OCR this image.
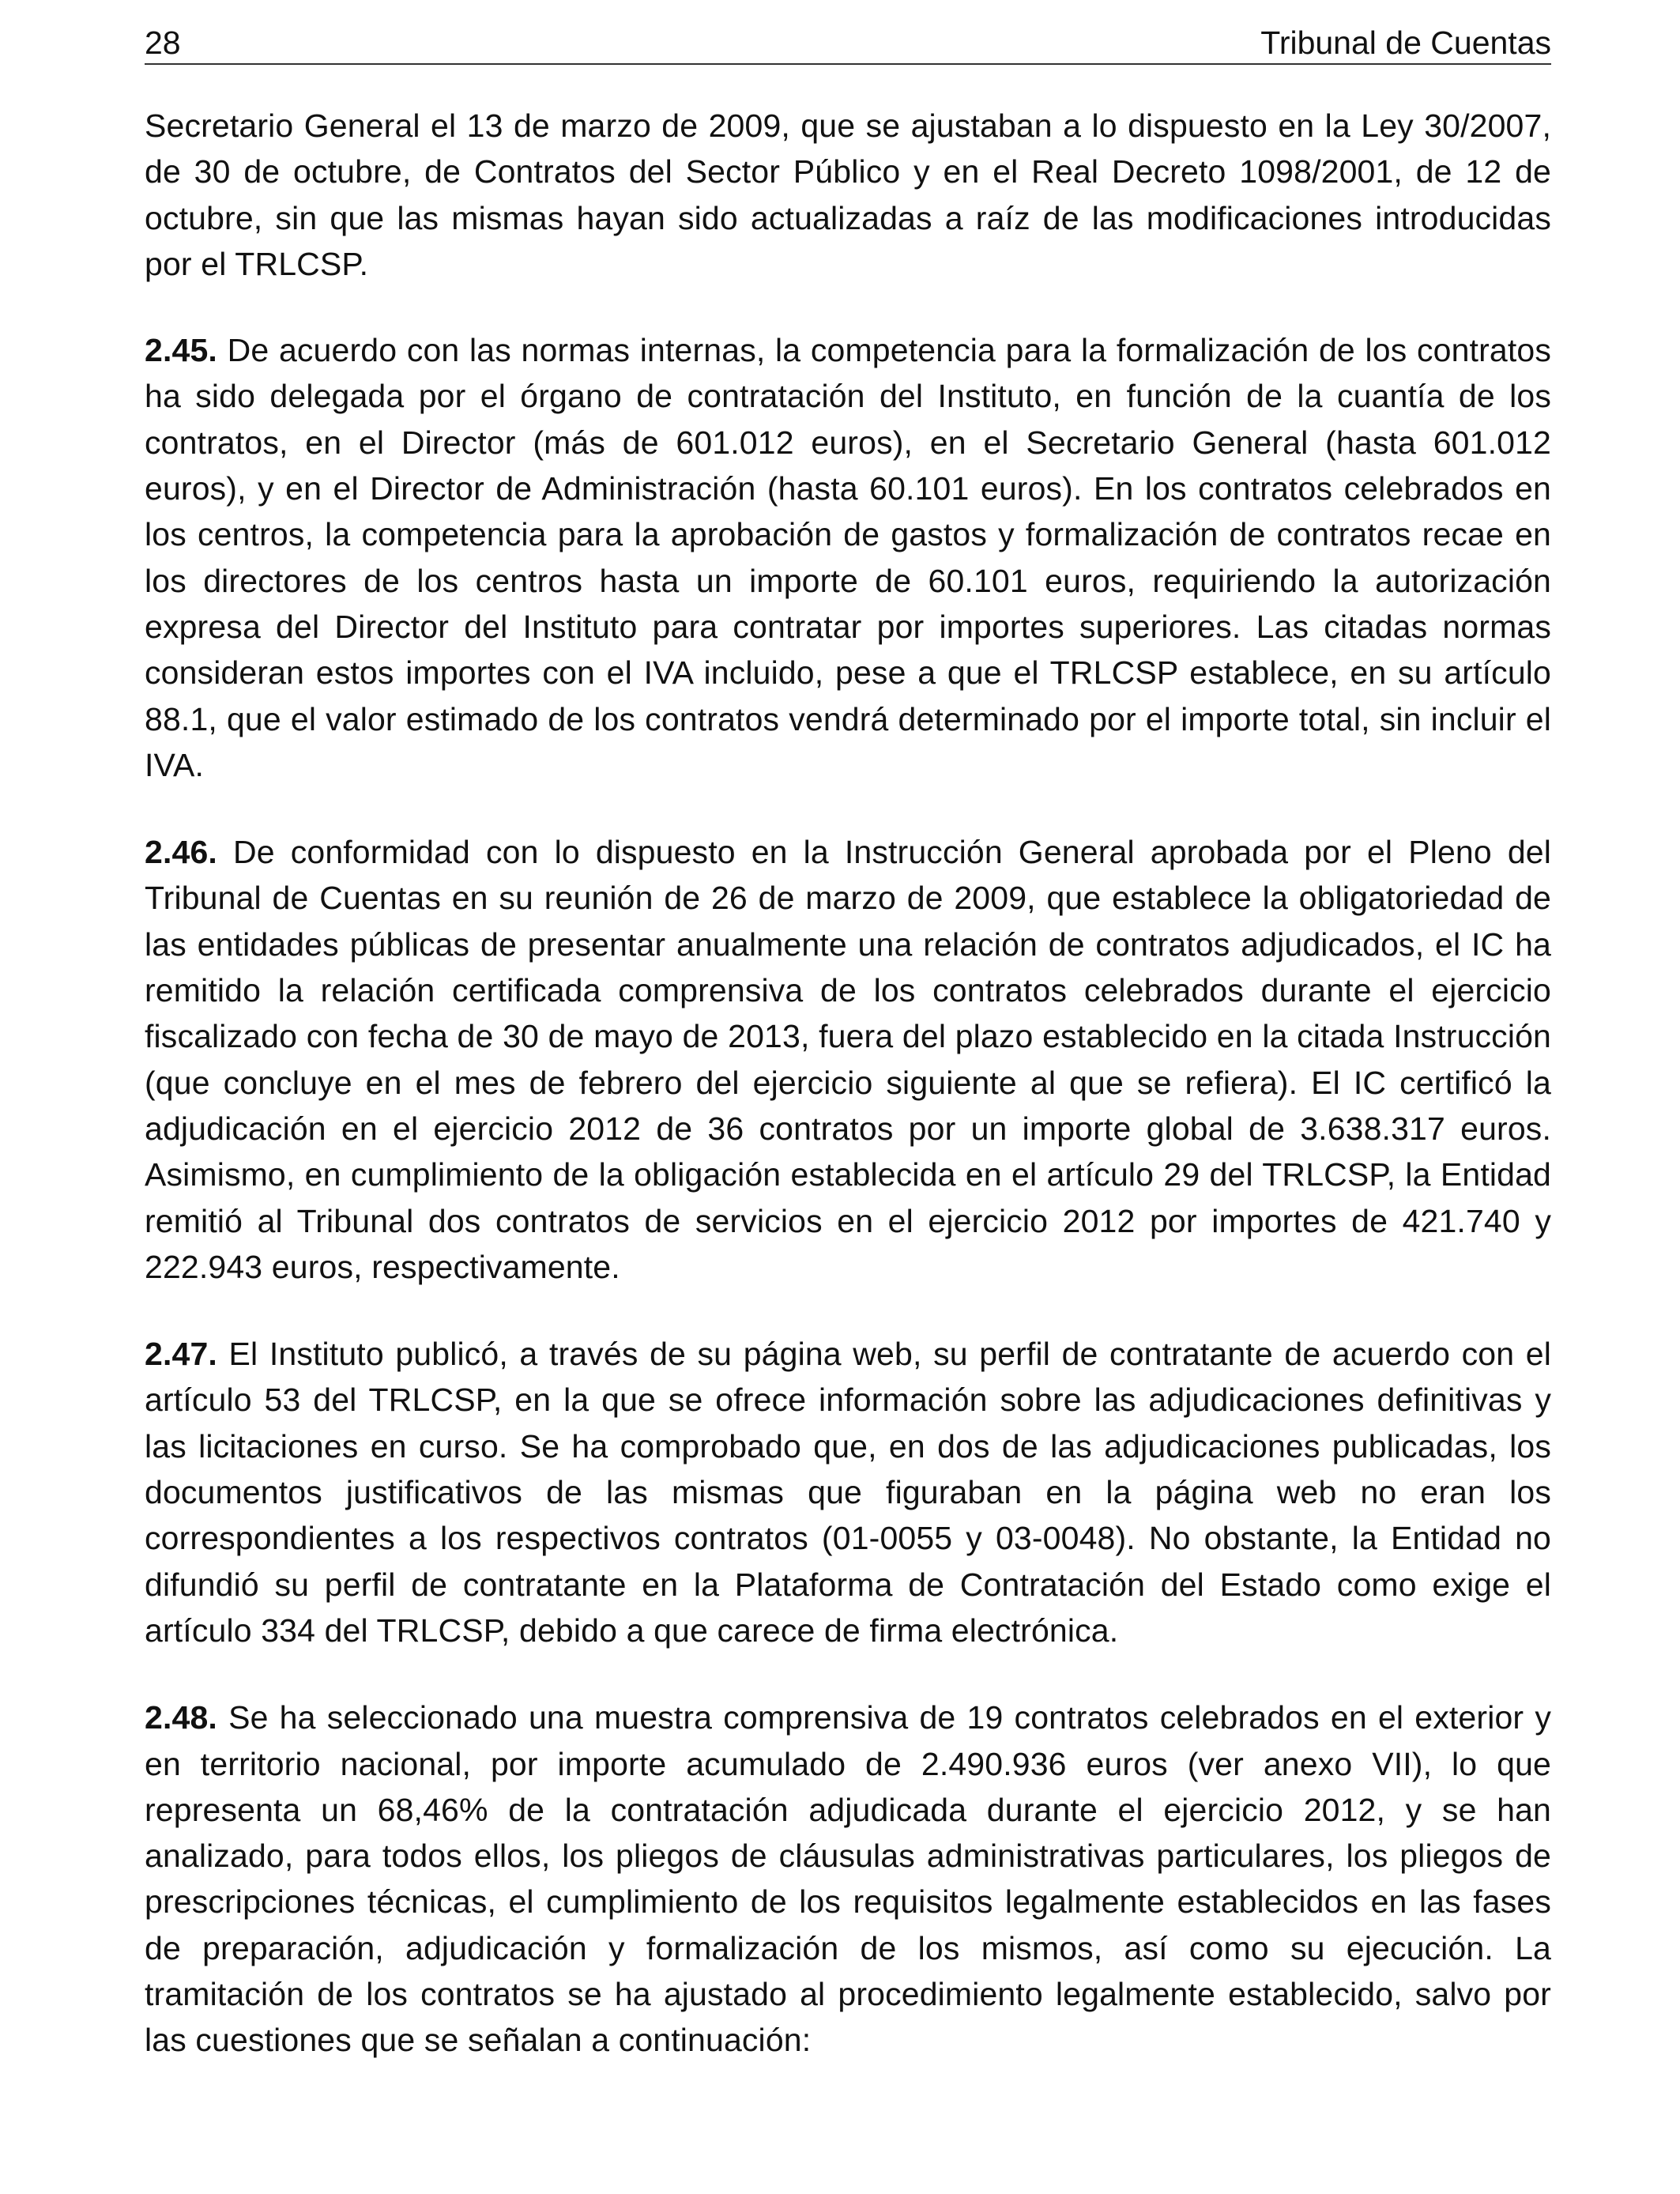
28	Tribunal de Cuentas

Secretario General el 13 de marzo de 2009, que se ajustaban a lo dispuesto en la Ley 30/2007, de 30 de octubre, de Contratos del Sector Público y en el Real Decreto 1098/2001, de 12 de octubre, sin que las mismas hayan sido actualizadas a raíz de las modificaciones introducidas por el TRLCSP.

2.45. De acuerdo con las normas internas, la competencia para la formalización de los contratos ha sido delegada por el órgano de contratación del Instituto, en función de la cuantía de los contratos, en el Director (más de 601.012 euros), en el Secretario General (hasta 601.012 euros), y en el Director de Administración (hasta 60.101 euros). En los contratos celebrados en los centros, la competencia para la aprobación de gastos y formalización de contratos recae en los directores de los centros hasta un importe de 60.101 euros, requiriendo la autorización expresa del Director del Instituto para contratar por importes superiores. Las citadas normas consideran estos importes con el IVA incluido, pese a que el TRLCSP establece, en su artículo 88.1, que el valor estimado de los contratos vendrá determinado por el importe total, sin incluir el IVA.

2.46. De conformidad con lo dispuesto en la Instrucción General aprobada por el Pleno del Tribunal de Cuentas en su reunión de 26 de marzo de 2009, que establece la obligatoriedad de las entidades públicas de presentar anualmente una relación de contratos adjudicados, el IC ha remitido la relación certificada comprensiva de los contratos celebrados durante el ejercicio fiscalizado con fecha de 30 de mayo de 2013, fuera del plazo establecido en la citada Instrucción (que concluye en el mes de febrero del ejercicio siguiente al que se refiera). El IC certificó la adjudicación en el ejercicio 2012 de 36 contratos por un importe global de 3.638.317 euros. Asimismo, en cumplimiento de la obligación establecida en el artículo 29 del TRLCSP, la Entidad remitió al Tribunal dos contratos de servicios en el ejercicio 2012 por importes de 421.740 y 222.943 euros, respectivamente.

2.47. El Instituto publicó, a través de su página web, su perfil de contratante de acuerdo con el artículo 53 del TRLCSP, en la que se ofrece información sobre las adjudicaciones definitivas y las licitaciones en curso. Se ha comprobado que, en dos de las adjudicaciones publicadas, los documentos justificativos de las mismas que figuraban en la página web no eran los correspondientes a los respectivos contratos (01-0055 y 03-0048). No obstante, la Entidad no difundió su perfil de contratante en la Plataforma de Contratación del Estado como exige el artículo 334 del TRLCSP, debido a que carece de firma electrónica.

2.48. Se ha seleccionado una muestra comprensiva de 19 contratos celebrados en el exterior y en territorio nacional, por importe acumulado de 2.490.936 euros (ver anexo VII), lo que representa un 68,46% de la contratación adjudicada durante el ejercicio 2012, y se han analizado, para todos ellos, los pliegos de cláusulas administrativas particulares, los pliegos de prescripciones técnicas, el cumplimiento de los requisitos legalmente establecidos en las fases de preparación, adjudicación y formalización de los mismos, así como su ejecución. La tramitación de los contratos se ha ajustado al procedimiento legalmente establecido, salvo por las cuestiones que se señalan a continuación:
